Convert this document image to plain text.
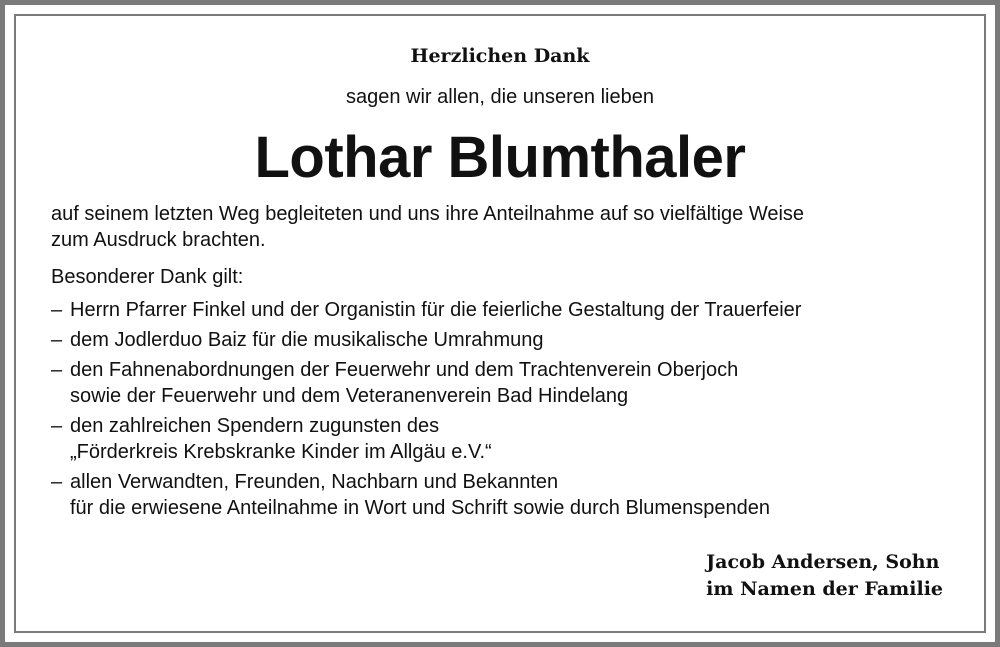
Herzlichen Dank
sagen wir allen, die unseren lieben
Lothar Blumthaler
auf seinem letzten Weg begleiteten und uns ihre Anteilnahme auf so vielfältige Weise
zum Ausdruck brachten.
Besonderer Dank gilt:
– Herrn Pfarrer Finkel und der Organistin für die feierliche Gestaltung der Trauerfeier
– dem Jodlerduo Baiz für die musikalische Umrahmung
– den Fahnenabordnungen der Feuerwehr und dem Trachtenverein Oberjoch
sowie der Feuerwehr und dem Veteranenverein Bad Hindelang
– den zahlreichen Spendern zugunsten des
„Förderkreis Krebskranke Kinder im Allgäu e.V.“
– allen Verwandten, Freunden, Nachbarn und Bekannten
für die erwiesene Anteilnahme in Wort und Schrift sowie durch Blumenspenden
Jacob Andersen, Sohn
im Namen der Familie
